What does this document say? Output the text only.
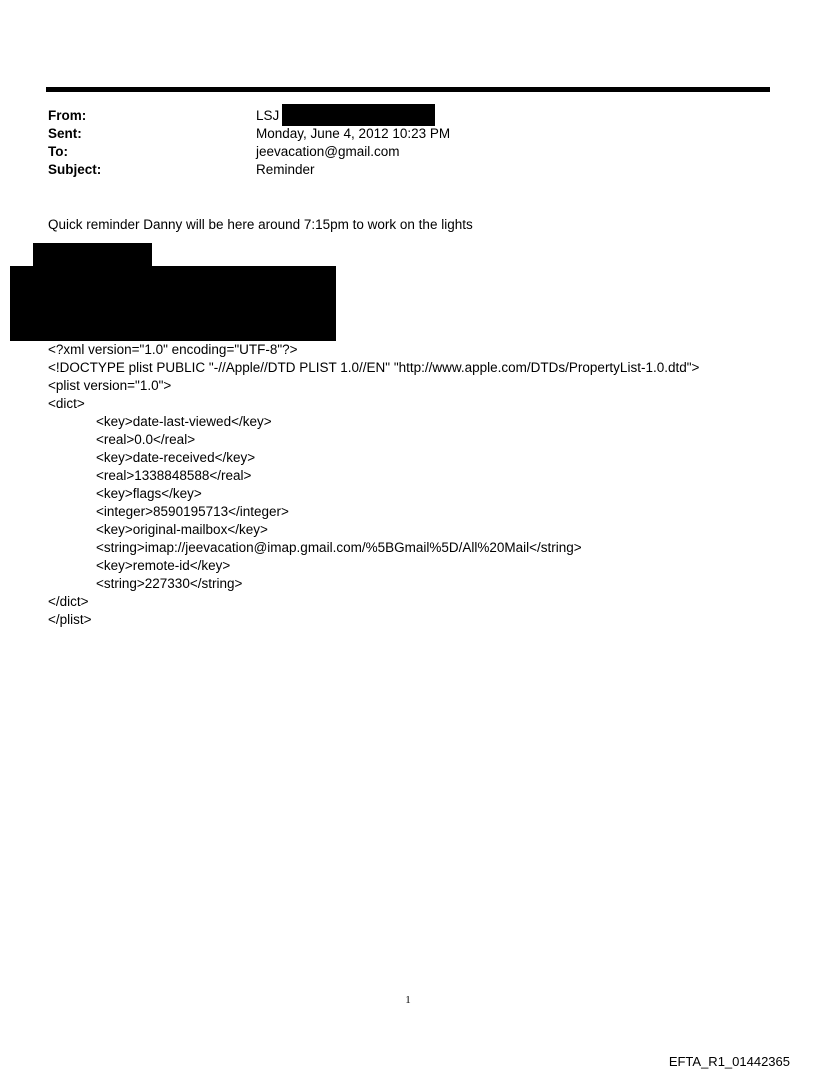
From:	LSJ
Sent:	Monday, June 4, 2012 10:23 PM
To:	jeevacation@gmail.com
Subject:	Reminder
Quick reminder Danny will be here around 7:15pm to work on the lights
<?xml version="1.0" encoding="UTF-8"?>
<!DOCTYPE plist PUBLIC "-//Apple//DTD PLIST 1.0//EN" "http://www.apple.com/DTDs/PropertyList-1.0.dtd">
<plist version="1.0">
<dict>
<key>date-last-viewed</key>
<real>0.0</real>
<key>date-received</key>
<real>1338848588</real>
<key>flags</key>
<integer>8590195713</integer>
<key>original-mailbox</key>
<string>imap://jeevacation@imap.gmail.com/%5BGmail%5D/All%20Mail</string>
<key>remote-id</key>
<string>227330</string>
</dict>
</plist>
1
EFTA_R1_01442365
